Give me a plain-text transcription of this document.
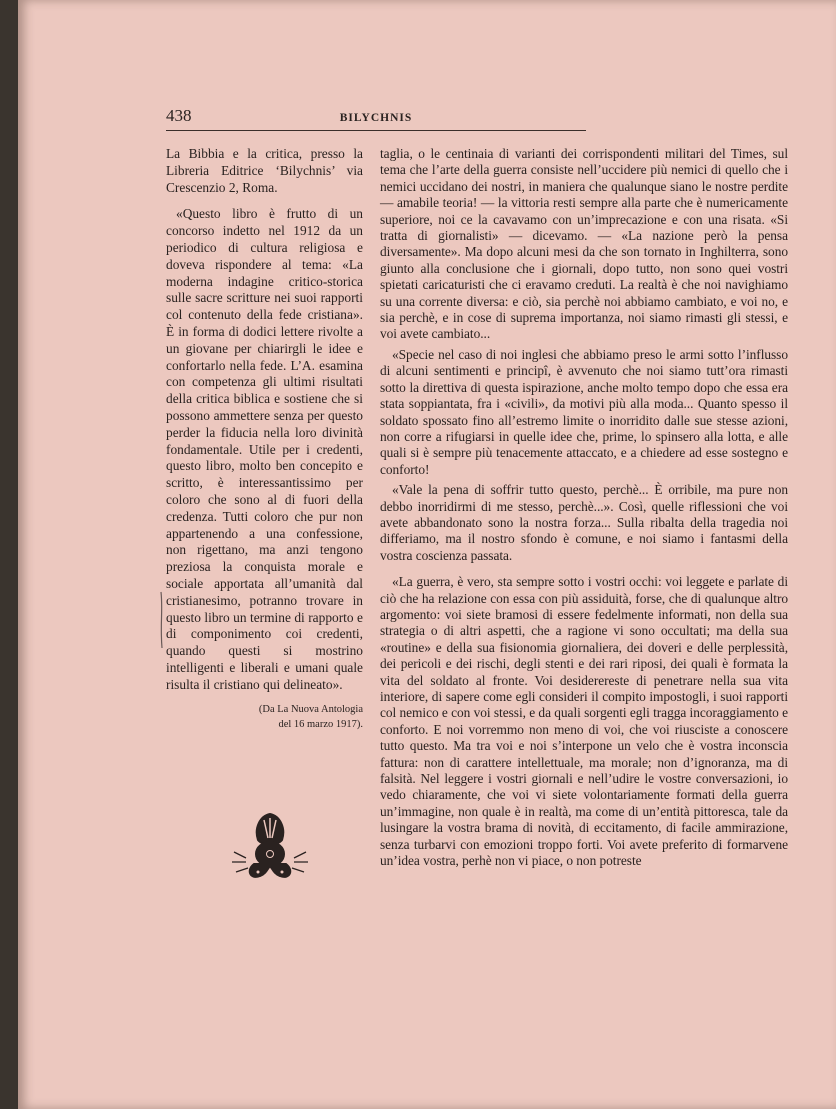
438	BILYCHNIS

La Bibbia e la critica, presso la Libreria Editrice ‘Bilychnis’ via Crescenzio 2, Roma.

«Questo libro è frutto di un concorso indetto nel 1912 da un periodico di cultura religiosa e doveva rispondere al tema: «La moderna indagine critico-storica sulle sacre scritture nei suoi rapporti col contenuto della fede cristiana». È in forma di dodici lettere rivolte a un giovane per chiarirgli le idee e confortarlo nella fede. L’A. esamina con competenza gli ultimi risultati della critica biblica e sostiene che si possono ammettere senza per questo perder la fiducia nella loro divinità fondamentale. Utile per i credenti, questo libro, molto ben concepito e scritto, è interessantissimo per coloro che sono al di fuori della credenza. Tutti coloro che pur non appartenendo a una confessione, non rigettano, ma anzi tengono preziosa la conquista morale e sociale apportata all’umanità dal cristianesimo, potranno trovare in questo libro un termine di rapporto e di componimento coi credenti, quando questi si mostrino intelligenti e liberali e umani quale risulta il cristiano qui delineato».

(Da La Nuova Antologia
del 16 marzo 1917).

taglia, o le centinaia di varianti dei corrispondenti militari del Times, sul tema che l’arte della guerra consiste nell’uccidere più nemici di quello che i nemici uccidano dei nostri, in maniera che qualunque siano le nostre perdite — amabile teoria! — la vittoria resti sempre alla parte che è numericamente superiore, noi ce la cavavamo con un’imprecazione e con una risata. «Si tratta di giornalisti» — dicevamo. — «La nazione però la pensa diversamente». Ma dopo alcuni mesi da che son tornato in Inghilterra, sono giunto alla conclusione che i giornali, dopo tutto, non sono quei vostri spietati caricaturisti che ci eravamo creduti. La realtà è che noi navighiamo su una corrente diversa: e ciò, sia perchè noi abbiamo cambiato, e voi no, e sia perchè, e in cose di suprema importanza, noi siamo rimasti gli stessi, e voi avete cambiato...

«Specie nel caso di noi inglesi che abbiamo preso le armi sotto l’influsso di alcuni sentimenti e principî, è avvenuto che noi siamo tutt’ora rimasti sotto la direttiva di questa ispirazione, anche molto tempo dopo che essa era stata soppiantata, fra i «civili», da motivi più alla moda... Quanto spesso il soldato spossato fino all’estremo limite o inorridito dalle sue stesse azioni, non corre a rifugiarsi in quelle idee che, prime, lo spinsero alla lotta, e alle quali si è sempre più tenacemente attaccato, e a chiedere ad esse sostegno e conforto!

«Vale la pena di soffrir tutto questo, perchè... È orribile, ma pure non debbo inorridirmi di me stesso, perchè...». Così, quelle riflessioni che voi avete abbandonato sono la nostra forza... Sulla ribalta della tragedia noi differiamo, ma il nostro sfondo è comune, e noi siamo i fantasmi della vostra coscienza passata.

«La guerra, è vero, sta sempre sotto i vostri occhi: voi leggete e parlate di ciò che ha relazione con essa con più assiduità, forse, che di qualunque altro argomento: voi siete bramosi di essere fedelmente informati, non della sua strategia o di altri aspetti, che a ragione vi sono occultati; ma della sua «routine» e della sua fisionomia giornaliera, dei doveri e delle perplessità, dei pericoli e dei rischi, degli stenti e dei rari riposi, dei quali è formata la vita del soldato al fronte. Voi desiderereste di penetrare nella sua vita interiore, di sapere come egli consideri il compito impostogli, i suoi rapporti col nemico e con voi stessi, e da quali sorgenti egli tragga incoraggiamento e conforto. E noi vorremmo non meno di voi, che voi riusciste a conoscere tutto questo. Ma tra voi e noi s’interpone un velo che è vostra inconscia fattura: non di carattere intellettuale, ma morale; non d’ignoranza, ma di falsità. Nel leggere i vostri giornali e nell’udire le vostre conversazioni, io vedo chiaramente, che voi vi siete volontariamente formati della guerra un’immagine, non quale è in realtà, ma come di un’entità pittoresca, tale da lusingare la vostra brama di novità, di eccitamento, di facile ammirazione, senza turbarvi con emozioni troppo forti. Voi avete preferito di formarvene un’idea vostra, perhè non vi piace, o non potreste
